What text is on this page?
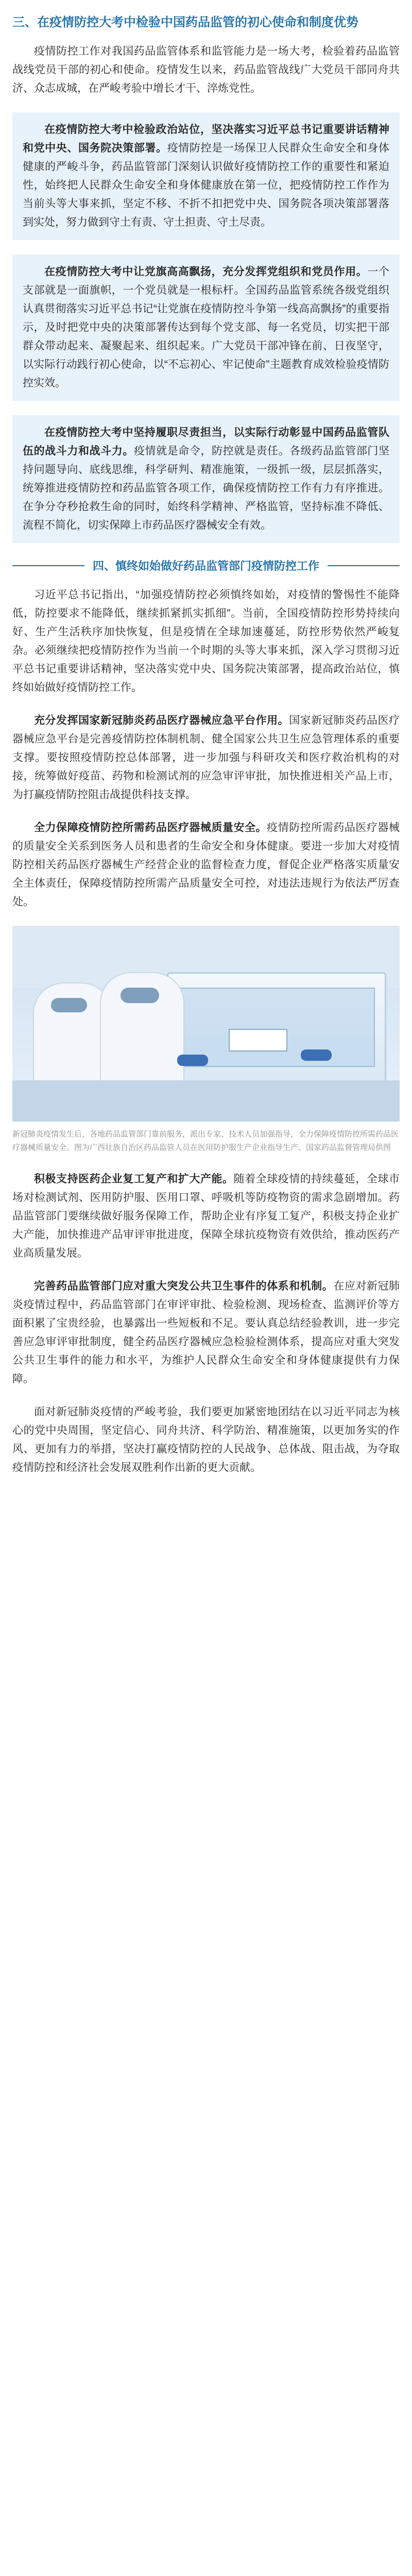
三、在疫情防控大考中检验中国药品监管的初心使命和制度优势

疫情防控工作对我国药品监管体系和监管能力是一场大考，检验着药品监管战线党员干部的初心和使命。疫情发生以来，药品监管战线广大党员干部同舟共济、众志成城，在严峻考验中增长才干、淬炼党性。

在疫情防控大考中检验政治站位，坚决落实习近平总书记重要讲话精神和党中央、国务院决策部署。疫情防控是一场保卫人民群众生命安全和身体健康的严峻斗争，药品监管部门深刻认识做好疫情防控工作的重要性和紧迫性，始终把人民群众生命安全和身体健康放在第一位，把疫情防控工作作为当前头等大事来抓，坚定不移、不折不扣把党中央、国务院各项决策部署落到实处，努力做到守土有责、守土担责、守土尽责。

在疫情防控大考中让党旗高高飘扬，充分发挥党组织和党员作用。一个支部就是一面旗帜，一个党员就是一根标杆。全国药品监管系统各级党组织认真贯彻落实习近平总书记“让党旗在疫情防控斗争第一线高高飘扬”的重要指示，及时把党中央的决策部署传达到每个党支部、每一名党员，切实把干部群众带动起来、凝聚起来、组织起来。广大党员干部冲锋在前、日夜坚守，以实际行动践行初心使命，以“不忘初心、牢记使命”主题教育成效检验疫情防控实效。

在疫情防控大考中坚持履职尽责担当，以实际行动彰显中国药品监管队伍的战斗力和战斗力。疫情就是命令，防控就是责任。各级药品监管部门坚持问题导向、底线思维，科学研判、精准施策，一级抓一级，层层抓落实，统筹推进疫情防控和药品监管各项工作，确保疫情防控工作有力有序推进。在争分夺秒抢救生命的同时，始终科学精神、严格监管，坚持标准不降低、流程不简化，切实保障上市药品医疗器械安全有效。

四、慎终如始做好药品监管部门疫情防控工作

习近平总书记指出，“加强疫情防控必须慎终如始，对疫情的警惕性不能降低，防控要求不能降低，继续抓紧抓实抓细”。当前，全国疫情防控形势持续向好、生产生活秩序加快恢复，但是疫情在全球加速蔓延，防控形势依然严峻复杂。必须继续把疫情防控作为当前一个时期的头等大事来抓，深入学习贯彻习近平总书记重要讲话精神，坚决落实党中央、国务院决策部署，提高政治站位，慎终如始做好疫情防控工作。

充分发挥国家新冠肺炎药品医疗器械应急平台作用。国家新冠肺炎药品医疗器械应急平台是完善疫情防控体制机制、健全国家公共卫生应急管理体系的重要支撑。要按照疫情防控总体部署，进一步加强与科研攻关和医疗救治机构的对接，统筹做好疫苗、药物和检测试剂的应急审评审批，加快推进相关产品上市，为打赢疫情防控阻击战提供科技支撑。

全力保障疫情防控所需药品医疗器械质量安全。疫情防控所需药品医疗器械的质量安全关系到医务人员和患者的生命安全和身体健康。要进一步加大对疫情防控相关药品医疗器械生产经营企业的监督检查力度，督促企业严格落实质量安全主体责任，保障疫情防控所需产品质量安全可控，对违法违规行为依法严厉查处。

新冠肺炎疫情发生后，各地药品监管部门靠前服务，派出专家、技术人员加强指导，全力保障疫情防控所需药品医疗器械质量安全。图为广西壮族自治区药品监管人员在医用防护服生产企业指导生产。国家药品监督管理局供图

积极支持医药企业复工复产和扩大产能。随着全球疫情的持续蔓延，全球市场对检测试剂、医用防护服、医用口罩、呼吸机等防疫物资的需求急剧增加。药品监管部门要继续做好服务保障工作，帮助企业有序复工复产，积极支持企业扩大产能，加快推进产品审评审批进度，保障全球抗疫物资有效供给，推动医药产业高质量发展。

完善药品监管部门应对重大突发公共卫生事件的体系和机制。在应对新冠肺炎疫情过程中，药品监管部门在审评审批、检验检测、现场检查、监测评价等方面积累了宝贵经验，也暴露出一些短板和不足。要认真总结经验教训，进一步完善应急审评审批制度，健全药品医疗器械应急检验检测体系，提高应对重大突发公共卫生事件的能力和水平，为维护人民群众生命安全和身体健康提供有力保障。

面对新冠肺炎疫情的严峻考验，我们要更加紧密地团结在以习近平同志为核心的党中央周围，坚定信心、同舟共济、科学防治、精准施策，以更加务实的作风、更加有力的举措，坚决打赢疫情防控的人民战争、总体战、阻击战，为夺取疫情防控和经济社会发展双胜利作出新的更大贡献。
